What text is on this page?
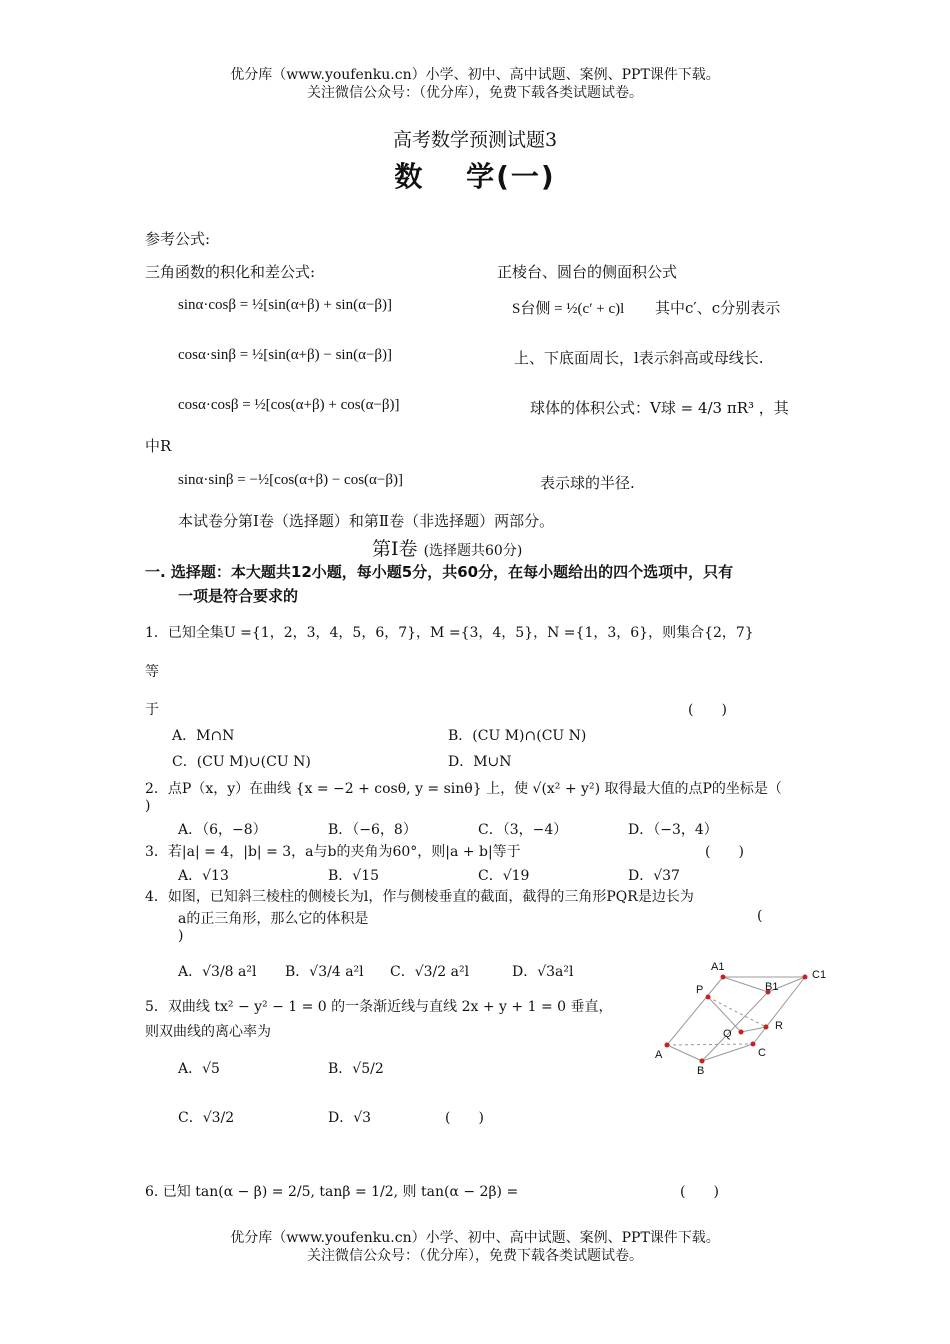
优分库（www.youfenku.cn）小学、初中、高中试题、案例、PPT课件下载。
关注微信公众号：（优分库），免费下载各类试题试卷。
高考数学预测试题3
数　 学(一)
参考公式:
三角函数的积化和差公式:	正棱台、圆台的侧面积公式
sinα·cosβ = ½[sin(α+β) + sin(α−β)]	S台侧 = ½(c′ + c)l 其中c′、c分别表示
cosα·sinβ = ½[sin(α+β) − sin(α−β)]	上、下底面周长，l表示斜高或母线长.
cosα·cosβ = ½[cos(α+β) + cos(α−β)]	球体的体积公式：V球 = 4/3 πR³ ，其
中R
sinα·sinβ = −½[cos(α+β) − cos(α−β)]	表示球的半径.
本试卷分第Ⅰ卷（选择题）和第Ⅱ卷（非选择题）两部分。
第Ⅰ卷 (选择题共60分)
一. 选择题：本大题共12小题，每小题5分，共60分，在每小题给出的四个选项中，只有
一项是符合要求的
1．已知全集U ={1，2，3，4，5，6，7}，M ={3，4，5}，N ={1，3，6}，则集合{2，7}
等
于	(　　)
A．M∩N	B．(CU M)∩(CU N)
C．(CU M)∪(CU N)	D．M∪N
2．点P（x，y）在曲线 {x = −2 + cosθ, y = sinθ} 上，使 √(x² + y²) 取得最大值的点P的坐标是（
)
A．（6，−8）	B．（−6，8）	C．（3，−4）	D．（−3，4）
3．若|a| = 4，|b| = 3，a与b的夹角为60°，则|a + b|等于	(　　)
A．√13	B．√15	C．√19	D．√37
4．如图，已知斜三棱柱的侧棱长为l，作与侧棱垂直的截面，截得的三角形PQR是边长为
a的正三角形，那么它的体积是	(
)
A．√3/8 a²l B．√3/4 a²l C．√3/2 a²l	D．√3a²l	A1
B1
C1
P
Q
R
A
B
C
5．双曲线 tx² − y² − 1 = 0 的一条渐近线与直线 2x + y + 1 = 0 垂直，
则双曲线的离心率为
A．√5	B．√5/2
C．√3/2	D．√3	(　　)
6. 已知 tan(α − β) = 2/5, tanβ = 1/2, 则 tan(α − 2β) =	(　　)
优分库（www.youfenku.cn）小学、初中、高中试题、案例、PPT课件下载。
关注微信公众号：（优分库），免费下载各类试题试卷。
